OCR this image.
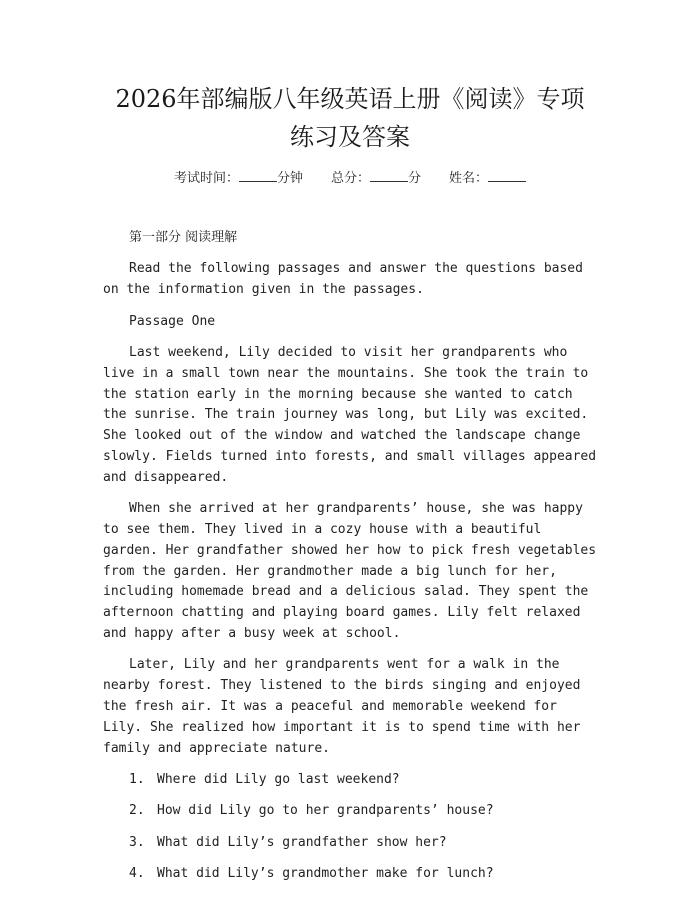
2026年部编版八年级英语上册《阅读》专项
练习及答案
考试时间：	分钟 总分：	分 姓名：

第一部分 阅读理解

Read the following passages and answer the questions based on the information given in the passages.

Passage One

Last weekend, Lily decided to visit her grandparents who live in a small town near the mountains. She took the train to the station early in the morning because she wanted to catch the sunrise. The train journey was long, but Lily was excited. She looked out of the window and watched the landscape change slowly. Fields turned into forests, and small villages appeared and disappeared.

When she arrived at her grandparents’ house, she was happy to see them. They lived in a cozy house with a beautiful garden. Her grandfather showed her how to pick fresh vegetables from the garden. Her grandmother made a big lunch for her, including homemade bread and a delicious salad. They spent the afternoon chatting and playing board games. Lily felt relaxed and happy after a busy week at school.

Later, Lily and her grandparents went for a walk in the nearby forest. They listened to the birds singing and enjoyed the fresh air. It was a peaceful and memorable weekend for Lily. She realized how important it is to spend time with her family and appreciate nature.

1. Where did Lily go last weekend?
2. How did Lily go to her grandparents’ house?
3. What did Lily’s grandfather show her?
4. What did Lily’s grandmother make for lunch?
